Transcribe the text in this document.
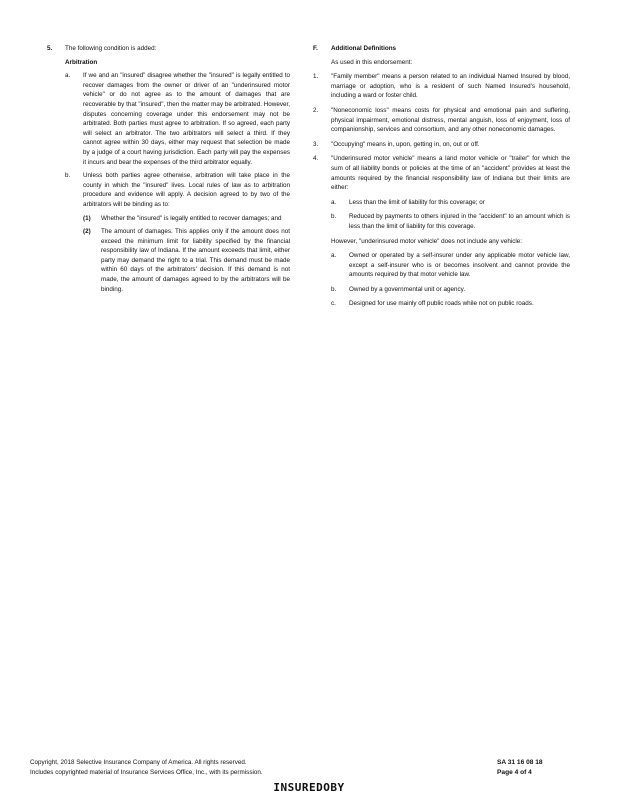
5. The following condition is added:

Arbitration

a. If we and an "insured" disagree whether the "insured" is legally entitled to recover damages from the owner or driver of an "underinsured motor vehicle" or do not agree as to the amount of damages that are recoverable by that "insured", then the matter may be arbitrated. However, disputes concerning coverage under this endorsement may not be arbitrated. Both parties must agree to arbitration. If so agreed, each party will select an arbitrator. The two arbitrators will select a third. If they cannot agree within 30 days, either may request that selection be made by a judge of a court having jurisdiction. Each party will pay the expenses it incurs and bear the expenses of the third arbitrator equally.

b. Unless both parties agree otherwise, arbitration will take place in the county in which the "insured" lives. Local rules of law as to arbitration procedure and evidence will apply. A decision agreed to by two of the arbitrators will be binding as to:

(1) Whether the "insured" is legally entitled to recover damages; and

(2) The amount of damages. This applies only if the amount does not exceed the minimum limit for liability specified by the financial responsibility law of Indiana. If the amount exceeds that limit, either party may demand the right to a trial. This demand must be made within 60 days of the arbitrators' decision. If this demand is not made, the amount of damages agreed to by the arbitrators will be binding.

F. Additional Definitions

As used in this endorsement:

1. "Family member" means a person related to an individual Named Insured by blood, marriage or adoption, who is a resident of such Named Insured's household, including a ward or foster child.

2. "Noneconomic loss" means costs for physical and emotional pain and suffering, physical impairment, emotional distress, mental anguish, loss of enjoyment, loss of companionship, services and consortium, and any other noneconomic damages.

3. "Occupying" means in, upon, getting in, on, out or off.

4. "Underinsured motor vehicle" means a land motor vehicle or "trailer" for which the sum of all liability bonds or policies at the time of an "accident" provides at least the amounts required by the financial responsibility law of Indiana but their limits are either:

a. Less than the limit of liability for this coverage; or

b. Reduced by payments to others injured in the "accident" to an amount which is less than the limit of liability for this coverage.

However, "underinsured motor vehicle" does not include any vehicle:

a. Owned or operated by a self-insurer under any applicable motor vehicle law, except a self-insurer who is or becomes insolvent and cannot provide the amounts required by that motor vehicle law.

b. Owned by a governmental unit or agency.

c. Designed for use mainly off public roads while not on public roads.

Copyright, 2018 Selective Insurance Company of America. All rights reserved.
Includes copyrighted material of Insurance Services Office, Inc., with its permission.
SA 31 16 08 18
Page 4 of 4
INSUREDOBY
